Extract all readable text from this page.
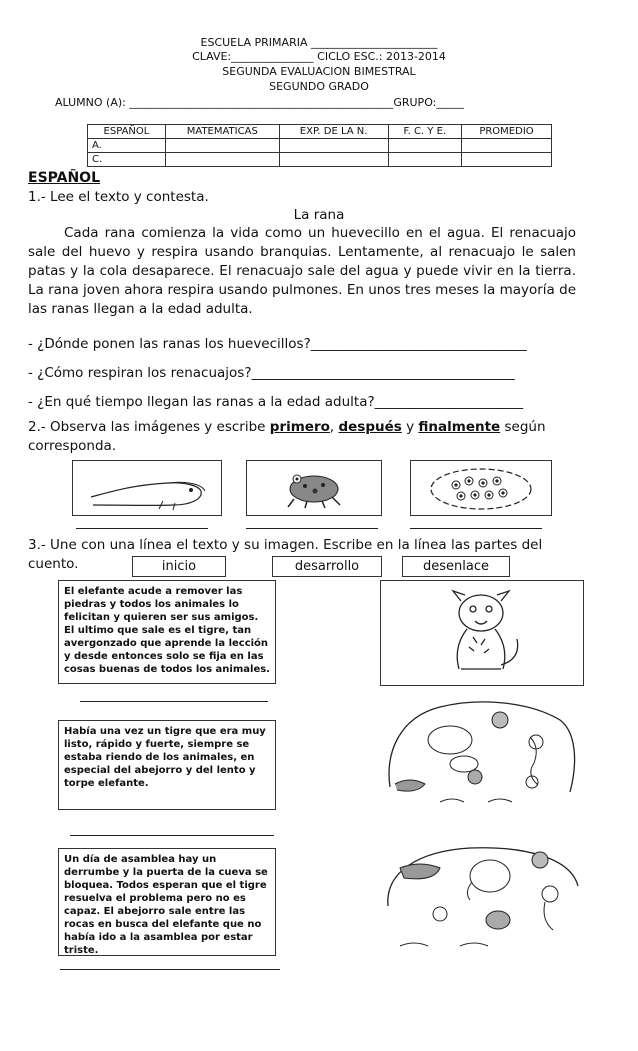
ESCUELA PRIMARIA _______________________
CLAVE:_______________ CICLO ESC.: 2013-2014
SEGUNDA EVALUACION BIMESTRAL
SEGUNDO GRADO
ALUMNO (A): ________________________________________________GRUPO:_____
ESPAÑOL	MATEMATICAS	EXP. DE LA N.	F. C. Y E.	PROMEDIO
A.				
C.				
ESPAÑOL
1.- Lee el texto y contesta.
La rana
Cada rana comienza la vida como un huevecillo en el agua. El renacuajo sale del huevo y respira usando branquias. Lentamente, al renacuajo le salen patas y la cola desaparece. El renacuajo sale del agua y puede vivir en la tierra. La rana joven ahora respira usando pulmones. En unos tres meses la mayoría de las ranas llegan a la edad adulta.
- ¿Dónde ponen las ranas los huevecillos?________________________________
- ¿Cómo respiran los renacuajos?_______________________________________
- ¿En qué tiempo llegan las ranas a la edad adulta?______________________
2.- Observa las imágenes y escribe primero, después y finalmente según
corresponda.
3.- Une con una línea el texto y su imagen. Escribe en la línea las partes del
cuento.	inicio	desarrollo	desenlace
El elefante acude a remover las piedras y todos los animales lo felicitan y quieren ser sus amigos. El ultimo que sale es el tigre, tan avergonzado que aprende la lección y desde entonces solo se fija en las cosas buenas de todos los animales.
Había una vez un tigre que era muy listo, rápido y fuerte, siempre se estaba riendo de los animales, en especial del abejorro y del lento y torpe elefante.
Un día de asamblea hay un derrumbe y la puerta de la cueva se bloquea. Todos esperan que el tigre resuelva el problema pero no es capaz. El abejorro sale entre las rocas en busca del elefante que no había ido a la asamblea por estar triste.
